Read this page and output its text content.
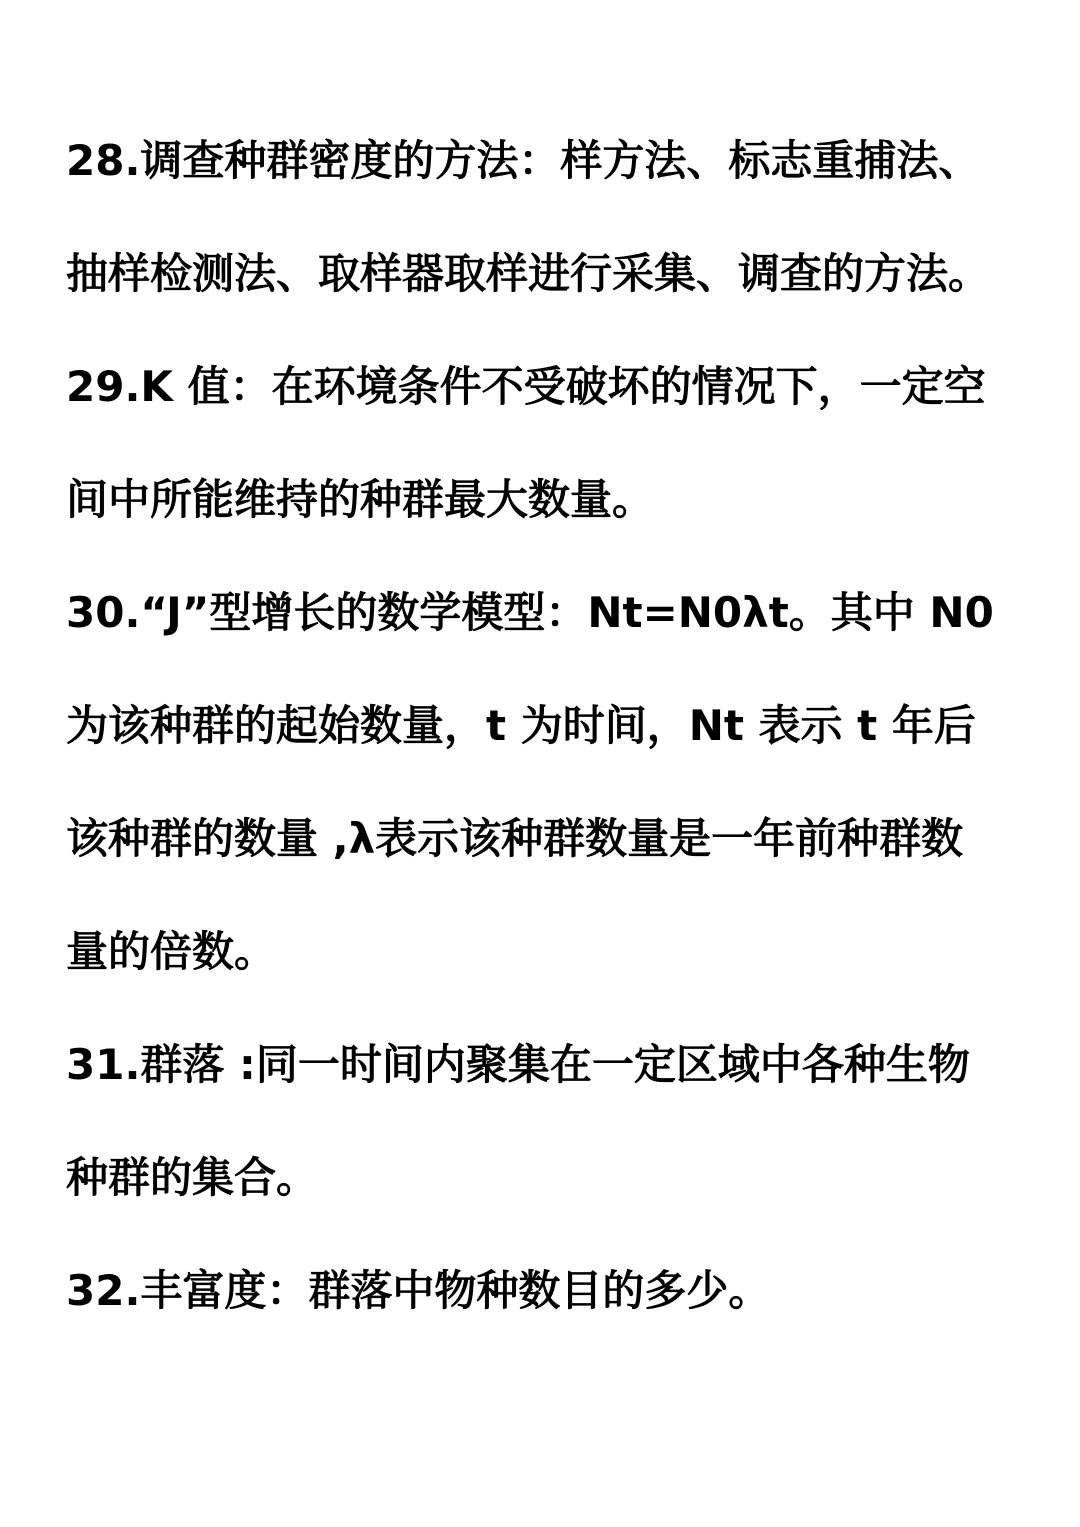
28.调查种群密度的方法：样方法、标志重捕法、
抽样检测法、取样器取样进行采集、调查的方法。
29.K 值：在环境条件不受破坏的情况下，一定空
间中所能维持的种群最大数量。
30.“J”型增长的数学模型：Nt=N0λt。其中 N0
为该种群的起始数量，t 为时间，Nt 表示 t 年后
该种群的数量 ,λ表示该种群数量是一年前种群数
量的倍数。
31.群落 :同一时间内聚集在一定区域中各种生物
种群的集合。
32.丰富度：群落中物种数目的多少。
